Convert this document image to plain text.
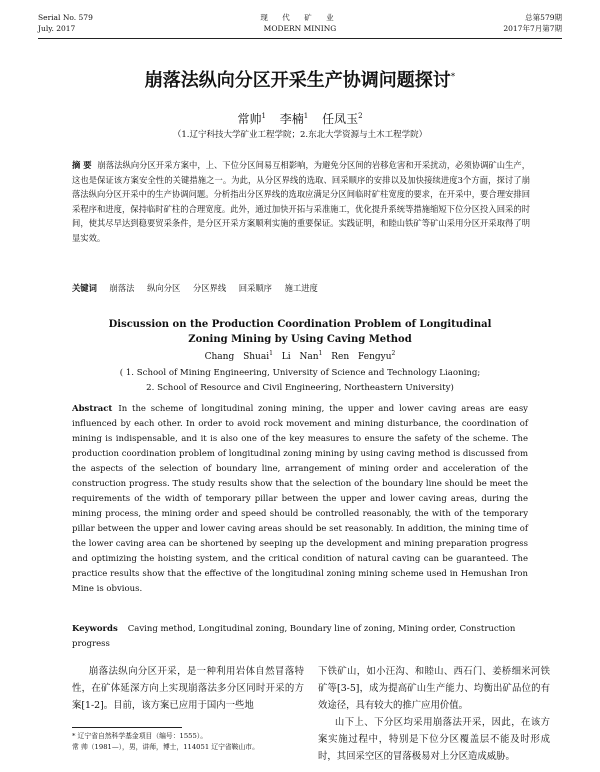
Serial No. 579
July. 2017
现 代 矿 业
MODERN MINING
总第579期
2017年7月第7期
崩落法纵向分区开采生产协调问题探讨*
常帅$^1$ 李楠$^1$ 任凤玉$^2$
（1.辽宁科技大学矿业工程学院；2.东北大学资源与土木工程学院）
摘 要 崩落法纵向分区开采方案中，上、下位分区间易互相影响，为避免分区间的岩移危害和开采扰动，必须协调矿山生产，这也是保证该方案安全性的关键措施之一。为此，从分区界线的选取、回采顺序的安排以及加快接续进度3个方面，探讨了崩落法纵向分区开采中的生产协调问题。分析指出分区界线的选取应满足分区间临时矿柱宽度的要求，在开采中，要合理安排回采程序和进度，保持临时矿柱的合理宽度。此外，通过加快开拓与采准施工，优化提升系统等措施缩短下位分区投入回采的时间，使其尽早达到稳要贸采条件，是分区开采方案顺利实施的重要保证。实践证明，和睦山铁矿等矿山采用分区开采取得了明显实效。
关键词 崩落法 纵向分区 分区界线 回采顺序 施工进度
Discussion on the Production Coordination Problem of Longitudinal
Zoning Mining by Using Caving Method
Chang Shuai$^1$ Li Nan$^1$ Ren Fengyu$^2$
( 1. School of Mining Engineering, University of Science and Technology Liaoning;
2. School of Resource and Civil Engineering, Northeastern University)
Abstract In the scheme of longitudinal zoning mining, the upper and lower caving areas are easy influenced by each other. In order to avoid rock movement and mining disturbance, the coordination of mining is indispensable, and it is also one of the key measures to ensure the safety of the scheme. The production coordination problem of longitudinal zoning mining by using caving method is discussed from the aspects of the selection of boundary line, arrangement of mining order and acceleration of the construction progress. The study results show that the selection of the boundary line should be meet the requirements of the width of temporary pillar between the upper and lower caving areas, during the mining process, the mining order and speed should be controlled reasonably, the with of the temporary pillar between the upper and lower caving areas should be set reasonably. In addition, the mining time of the lower caving area can be shortened by seeping up the development and mining preparation progress and optimizing the hoisting system, and the critical condition of natural caving can be guaranteed. The practice results show that the effective of the longitudinal zoning mining scheme used in Hemushan Iron Mine is obvious.
Keywords Caving method, Longitudinal zoning, Boundary line of zoning, Mining order, Construction progress

崩落法纵向分区开采，是一种利用岩体自然冒落特性，在矿体延深方向上实现崩落法多分区同时开采的方案[1-2]。目前，该方案已应用于国内一些地

下铁矿山，如小汪沟、和睦山、西石门、姜桥细米河铁矿等[3-5]，成为提高矿山生产能力、均衡出矿品位的有效途径，具有较大的推广应用价值。

山下上、下分区均采用崩落法开采，因此，在该方案实施过程中，特别是下位分区覆盖层不能及时形成时，其回采空区的冒落极易对上分区造成威胁。

* 辽宁省自然科学基金项目（编号：1555）。
常 帅（1981—），男，讲师，博士，114051 辽宁省鞍山市。
